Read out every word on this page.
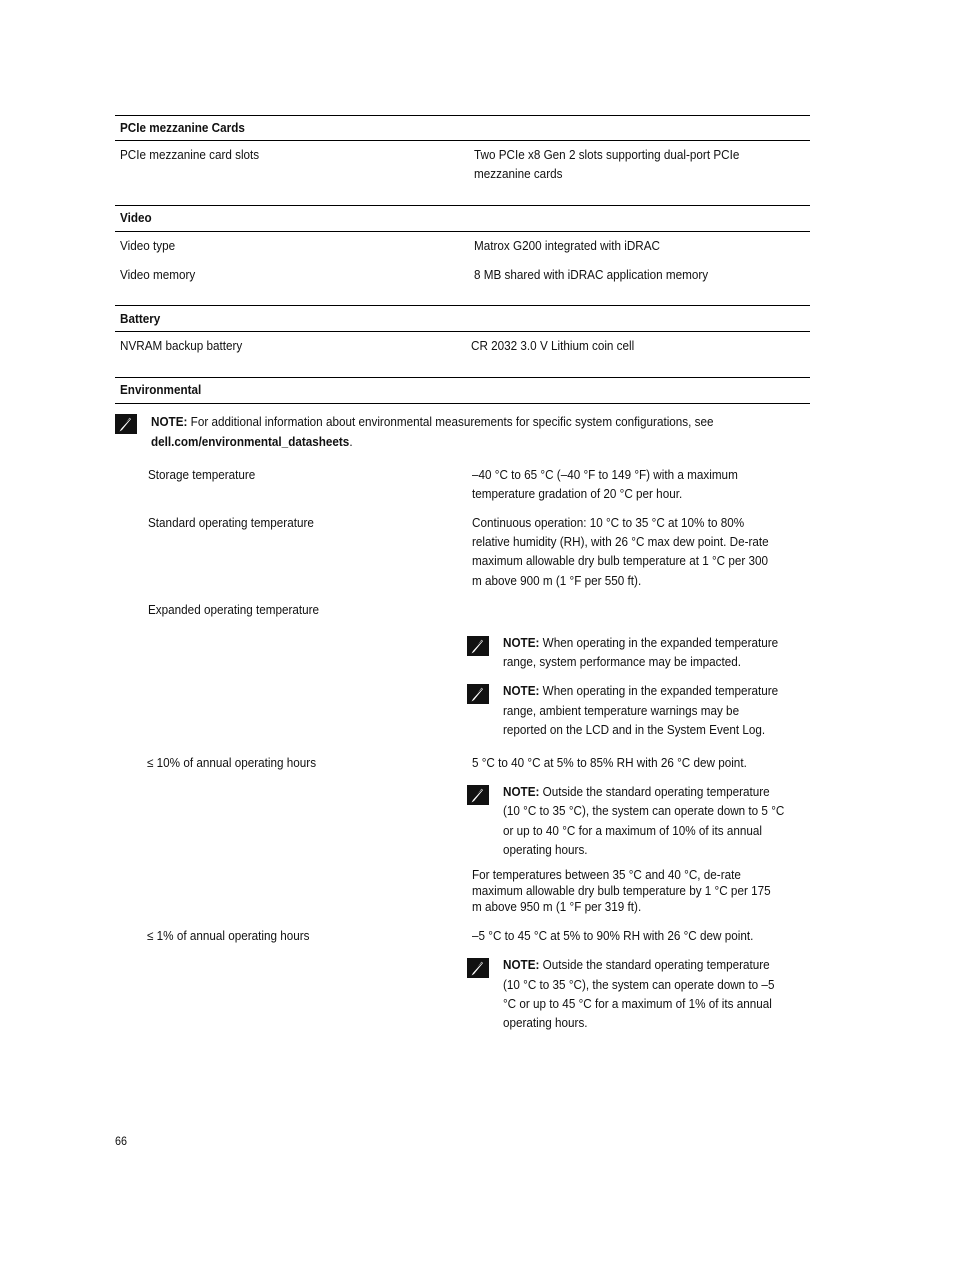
PCIe mezzanine Cards
PCIe mezzanine card slots	Two PCIe x8 Gen 2 slots supporting dual-port PCIe
mezzanine cards
Video
Video type	Matrox G200 integrated with iDRAC
Video memory	8 MB shared with iDRAC application memory
Battery
NVRAM backup battery	CR 2032 3.0 V Lithium coin cell
Environmental
NOTE: For additional information about environmental measurements for specific system configurations, see
dell.com/environmental_datasheets.
Storage temperature	–40 °C to 65 °C (–40 °F to 149 °F) with a maximum
temperature gradation of 20 °C per hour.
Standard operating temperature	Continuous operation: 10 °C to 35 °C at 10% to 80%
relative humidity (RH), with 26 °C max dew point. De-rate
maximum allowable dry bulb temperature at 1 °C per 300
m above 900 m (1 °F per 550 ft).
Expanded operating temperature
NOTE: When operating in the expanded temperature
range, system performance may be impacted.
NOTE: When operating in the expanded temperature
range, ambient temperature warnings may be
reported on the LCD and in the System Event Log.
≤ 10% of annual operating hours	5 °C to 40 °C at 5% to 85% RH with 26 °C dew point.
NOTE: Outside the standard operating temperature
(10 °C to 35 °C), the system can operate down to 5 °C
or up to 40 °C for a maximum of 10% of its annual
operating hours.
For temperatures between 35 °C and 40 °C, de-rate
maximum allowable dry bulb temperature by 1 °C per 175
m above 950 m (1 °F per 319 ft).
≤ 1% of annual operating hours	–5 °C to 45 °C at 5% to 90% RH with 26 °C dew point.
NOTE: Outside the standard operating temperature
(10 °C to 35 °C), the system can operate down to –5
°C or up to 45 °C for a maximum of 1% of its annual
operating hours.
66
